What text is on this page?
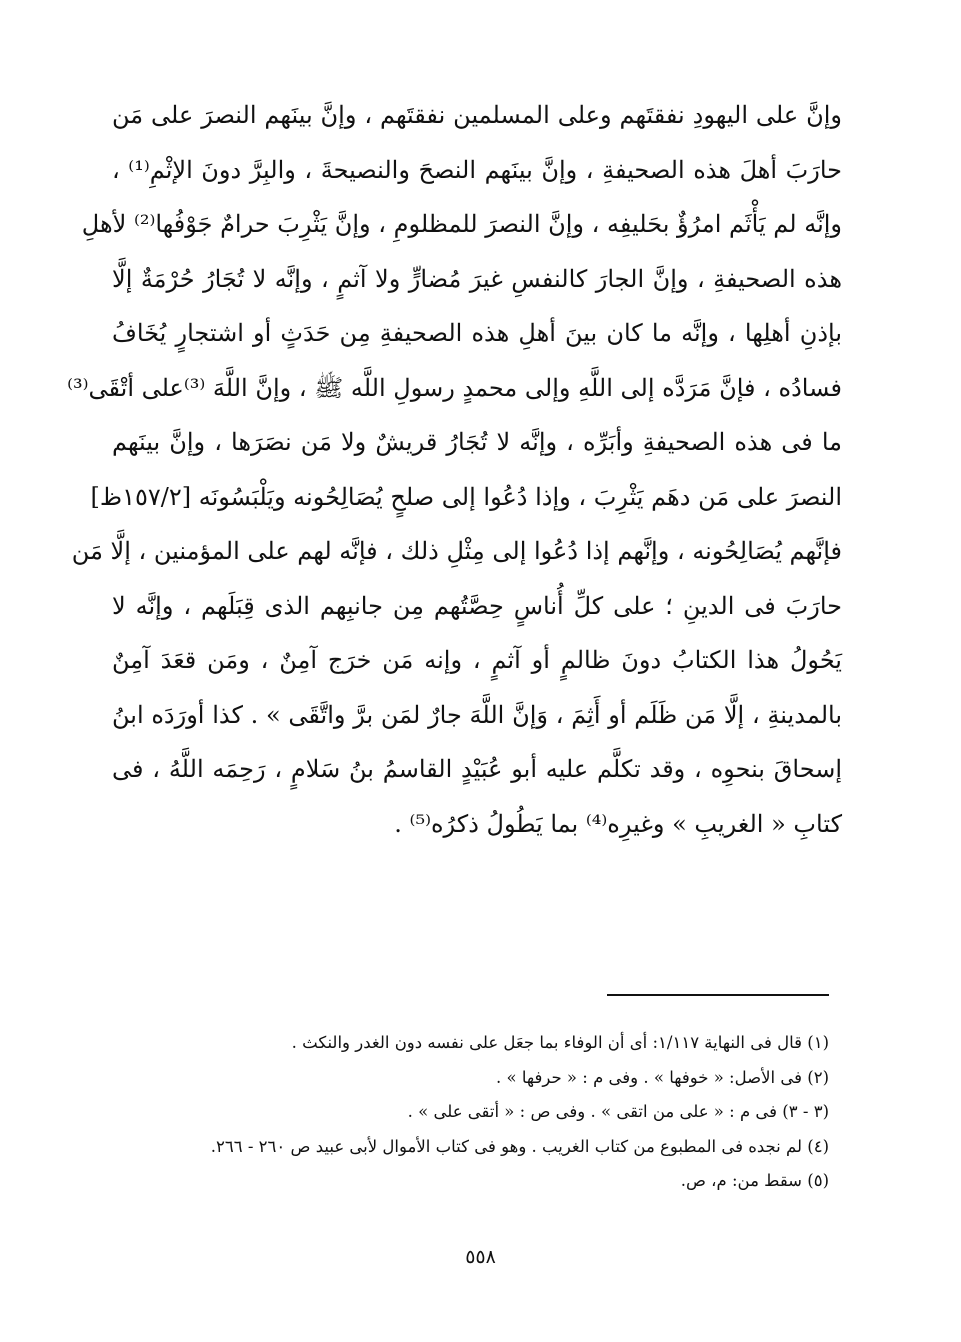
وإنَّ على اليهودِ نفقتَهم وعلى المسلمين نفقتَهم ، وإنَّ بينَهم النصرَ على مَن
حارَبَ أهلَ هذه الصحيفةِ ، وإنَّ بينَهم النصحَ والنصيحةَ ، والبِرَّ دونَ الإثْمِ⁽¹⁾ ،
وإنَّه لم يَأْثَم امرُؤٌ بحَليفِه ، وإنَّ النصرَ للمظلومِ ، وإنَّ يَثْرِبَ حرامٌ جَوْفُها⁽²⁾ لأهلِ
هذه الصحيفةِ ، وإنَّ الجارَ كالنفسِ غيرَ مُضارٍّ ولا آثمٍ ، وإنَّه لا تُجَارُ حُرْمَةٌ إلَّا
بإذنِ أهلِها ، وإنَّه ما كان بينَ أهلِ هذه الصحيفةِ مِن حَدَثٍ أو اشتجارٍ يُخَافُ
فسادُه ، فإنَّ مَرَدَّه إلى اللَّهِ وإلى محمدٍ رسولِ اللَّه ﷺ ، وإنَّ اللَّهَ ⁽³⁾على أتْقَى⁽³⁾
ما فى هذه الصحيفةِ وأبَرِّه ، وإنَّه لا تُجَارُ قريشٌ ولا مَن نصَرَها ، وإنَّ بينَهم
النصرَ على مَن دهَم يَثْرِبَ ، وإذا دُعُوا إلى صلحٍ يُصَالِحُونه ويَلْبَسُونَه [١٥٧/٢ظ]
فإنَّهم يُصَالِحُونه ، وإنَّهم إذا دُعُوا إلى مِثْلِ ذلك ، فإنَّه لهم على المؤمنين ، إلَّا مَن
حارَبَ فى الدينِ ؛ على كلِّ أُناسٍ حِصَّتُهم مِن جانبِهم الذى قِبَلَهم ، وإنَّه لا
يَحُولُ هذا الكتابُ دونَ ظالمٍ أو آثمٍ ، وإنه مَن خرَج آمِنٌ ، ومَن قعَدَ آمِنٌ
بالمدينةِ ، إلَّا مَن ظَلَم أو أَثِمَ ، وَإنَّ اللَّهَ جارٌ لمَن برَّ واتَّقَى » . كذا أورَدَه ابنُ
إسحاقَ بنحوِه ، وقد تكلَّم عليه أبو عُبَيْدٍ القاسمُ بنُ سَلامٍ ، رَحِمَه اللَّهُ ، فى
كتابِ « الغريبِ » وغيرِه⁽⁴⁾ بما يَطُولُ ذكرُه⁽⁵⁾ .
(١) قال فى النهاية ١/١١٧: أى أن الوفاء بما جعَل على نفسه دون الغدر والنكث .
(٢) فى الأصل: « خوفها » . وفى م : « حرفها » .
(٣ - ٣) فى م : « على من اتقى » . وفى ص : « أتقى على » .
(٤) لم نجده فى المطبوع من كتاب الغريب . وهو فى كتاب الأموال لأبى عبيد ص ٢٦٠ - ٢٦٦.
(٥) سقط من: م، ص.
٥٥٨
